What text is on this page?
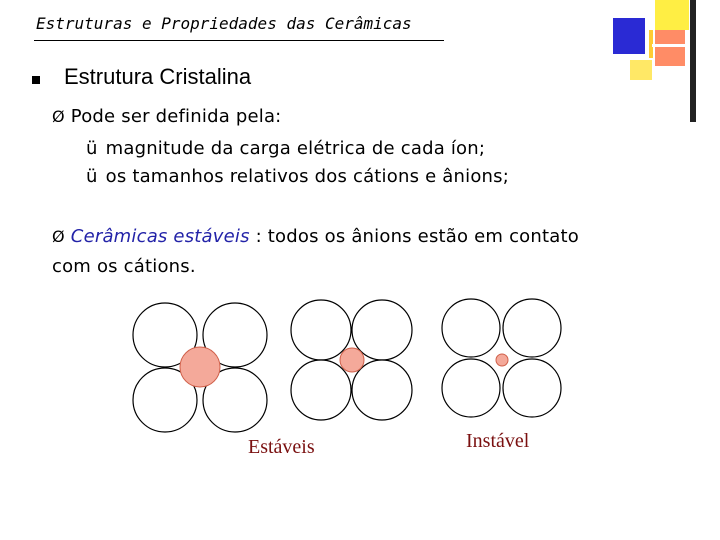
Estruturas e Propriedades das Cerâmicas
Estrutura Cristalina
Ø Pode ser definida pela:
ü magnitude da carga elétrica de cada íon;
ü os tamanhos relativos dos cátions e ânions;
Ø Cerâmicas estáveis : todos os ânions estão em contato
com os cátions.
Estáveis	Instável
